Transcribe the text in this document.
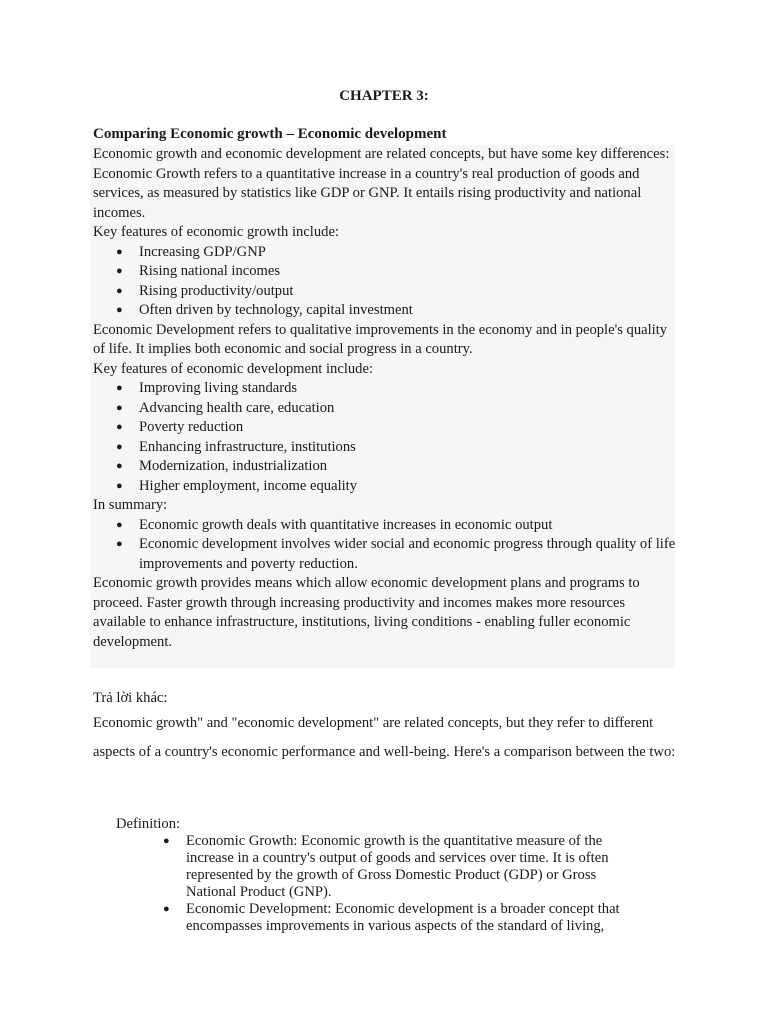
CHAPTER 3:
Comparing Economic growth – Economic development

Economic growth and economic development are related concepts, but have some key differences:

Economic Growth refers to a quantitative increase in a country's real production of goods and services, as measured by statistics like GDP or GNP. It entails rising productivity and national incomes.

Key features of economic growth include:

● Increasing GDP/GNP
● Rising national incomes
● Rising productivity/output
● Often driven by technology, capital investment

Economic Development refers to qualitative improvements in the economy and in people's quality of life. It implies both economic and social progress in a country.

Key features of economic development include:

● Improving living standards
● Advancing health care, education
● Poverty reduction
● Enhancing infrastructure, institutions
● Modernization, industrialization
● Higher employment, income equality

In summary:

● Economic growth deals with quantitative increases in economic output
● Economic development involves wider social and economic progress through quality of life improvements and poverty reduction.

Economic growth provides means which allow economic development plans and programs to proceed. Faster growth through increasing productivity and incomes makes more resources available to enhance infrastructure, institutions, living conditions - enabling fuller economic development.

Trả lời khác:

Economic growth" and "economic development" are related concepts, but they refer to different aspects of a country's economic performance and well-being. Here's a comparison between the two:

Definition:
● Economic Growth: Economic growth is the quantitative measure of the increase in a country's output of goods and services over time. It is often represented by the growth of Gross Domestic Product (GDP) or Gross National Product (GNP).
● Economic Development: Economic development is a broader concept that encompasses improvements in various aspects of the standard of living,
